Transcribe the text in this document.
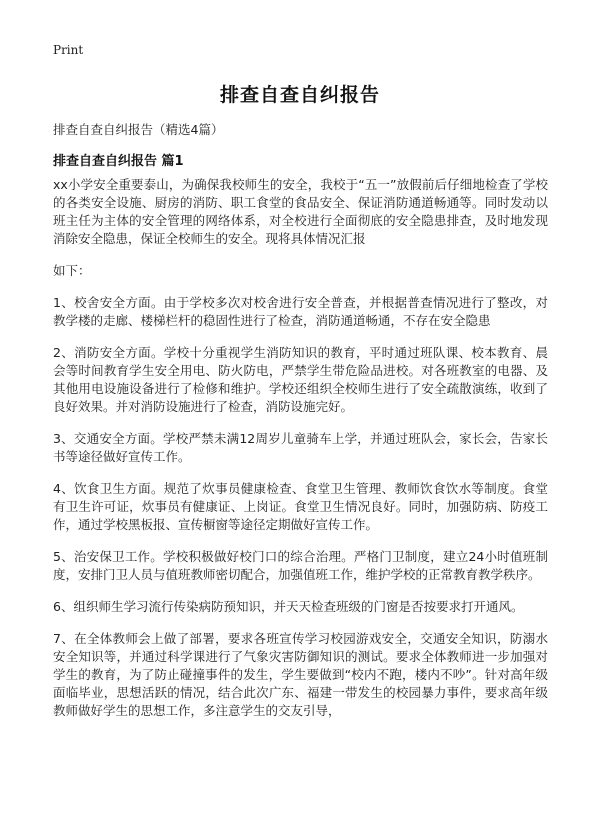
Print
排查自查自纠报告
排查自查自纠报告（精选4篇）
排查自查自纠报告 篇1

xx小学安全重要泰山，为确保我校师生的安全，我校于“五一”放假前后仔细地检查了学校的各类安全设施、厨房的消防、职工食堂的食品安全、保证消防通道畅通等。同时发动以班主任为主体的安全管理的网络体系，对全校进行全面彻底的安全隐患排查，及时地发现消除安全隐患，保证全校师生的安全。现将具体情况汇报

如下：

1、校舍安全方面。由于学校多次对校舍进行安全普查，并根据普查情况进行了整改，对教学楼的走廊、楼梯栏杆的稳固性进行了检查，消防通道畅通，不存在安全隐患

2、消防安全方面。学校十分重视学生消防知识的教育，平时通过班队课、校本教育、晨会等时间教育学生安全用电、防火防电，严禁学生带危险品进校。对各班教室的电器、及其他用电设施设备进行了检修和维护。学校还组织全校师生进行了安全疏散演练，收到了良好效果。并对消防设施进行了检查，消防设施完好。

3、交通安全方面。学校严禁未满12周岁儿童骑车上学，并通过班队会，家长会，告家长书等途径做好宣传工作。

4、饮食卫生方面。规范了炊事员健康检查、食堂卫生管理、教师饮食饮水等制度。食堂有卫生许可证，炊事员有健康证、上岗证。食堂卫生情况良好。同时，加强防病、防疫工作，通过学校黑板报、宣传橱窗等途径定期做好宣传工作。

5、治安保卫工作。学校积极做好校门口的综合治理。严格门卫制度，建立24小时值班制度，安排门卫人员与值班教师密切配合，加强值班工作，维护学校的正常教育教学秩序。

6、组织师生学习流行传染病防预知识，并天天检查班级的门窗是否按要求打开通风。

7、在全体教师会上做了部署，要求各班宣传学习校园游戏安全，交通安全知识，防溺水安全知识等，并通过科学课进行了气象灾害防御知识的测试。要求全体教师进一步加强对学生的教育，为了防止碰撞事件的发生，学生要做到“校内不跑，楼内不吵”。针对高年级面临毕业，思想活跃的情况，结合此次广东、福建一带发生的校园暴力事件，要求高年级教师做好学生的思想工作，多注意学生的交友引导，
